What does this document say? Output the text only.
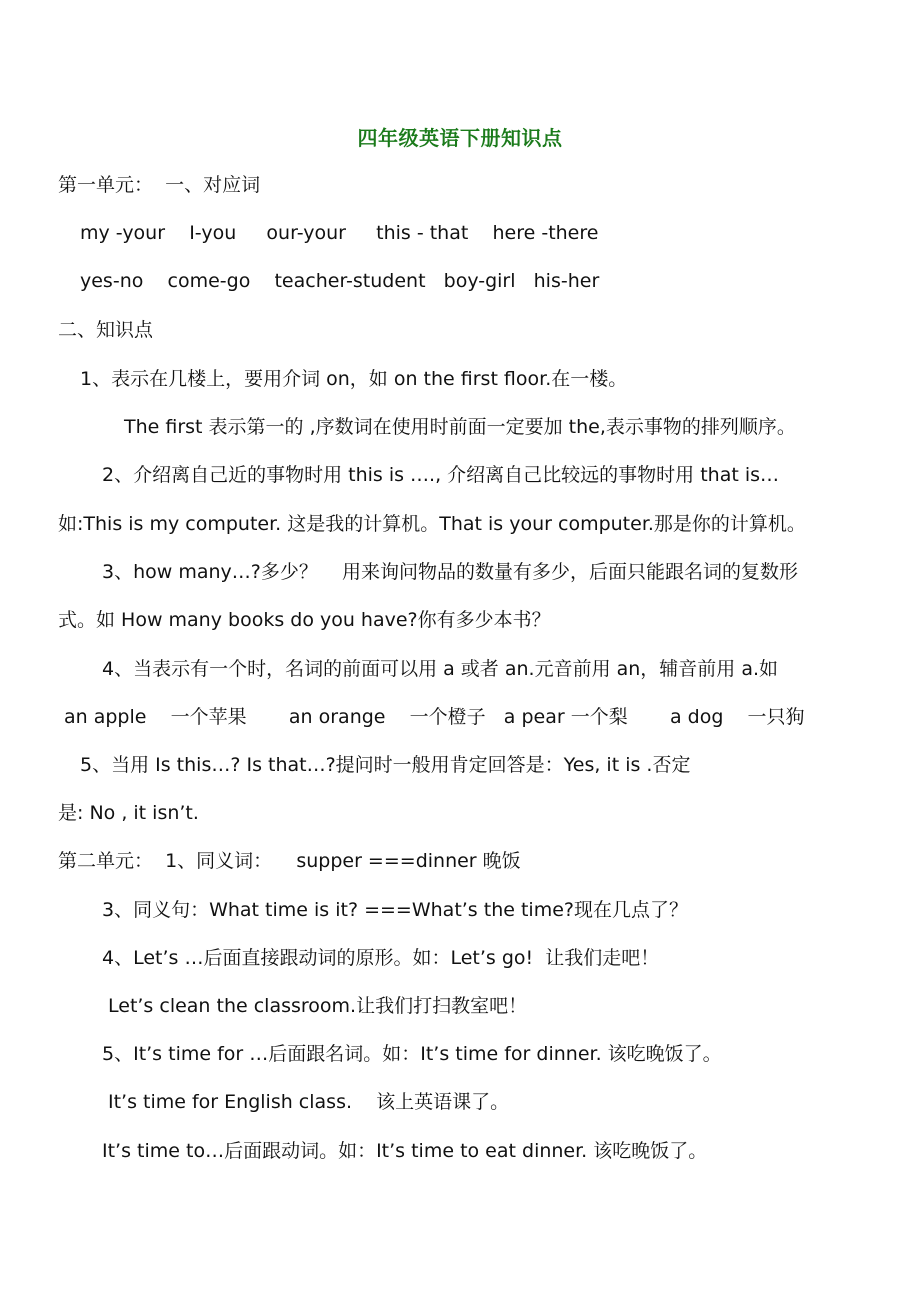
四年级英语下册知识点
第一单元：  一、对应词
my -your    I-you     our-your     this - that    here -there
yes-no    come-go    teacher-student   boy-girl   his-her
二、知识点
1、表示在几楼上，要用介词 on，如 on the first floor.在一楼。
The first 表示第一的 ,序数词在使用时前面一定要加 the,表示事物的排列顺序。
2、介绍离自己近的事物时用 this is …., 介绍离自己比较远的事物时用 that is…
如:This is my computer. 这是我的计算机。That is your computer.那是你的计算机。
3、how many…?多少？    用来询问物品的数量有多少，后面只能跟名词的复数形
式。如 How many books do you have?你有多少本书？
4、当表示有一个时，名词的前面可以用 a 或者 an.元音前用 an，辅音前用 a.如
an apple    一个苹果       an orange    一个橙子   a pear 一个梨       a dog    一只狗
5、当用 Is this…? Is that…?提问时一般用肯定回答是：Yes, it is .否定
是: No , it isn’t.
第二单元：  1、同义词：    supper ===dinner 晚饭
3、同义句：What time is it? ===What’s the time?现在几点了？
4、Let’s …后面直接跟动词的原形。如：Let’s go!  让我们走吧！
Let’s clean the classroom.让我们打扫教室吧！
5、It’s time for …后面跟名词。如：It’s time for dinner. 该吃晚饭了。
It’s time for English class.    该上英语课了。
It’s time to…后面跟动词。如：It’s time to eat dinner. 该吃晚饭了。
